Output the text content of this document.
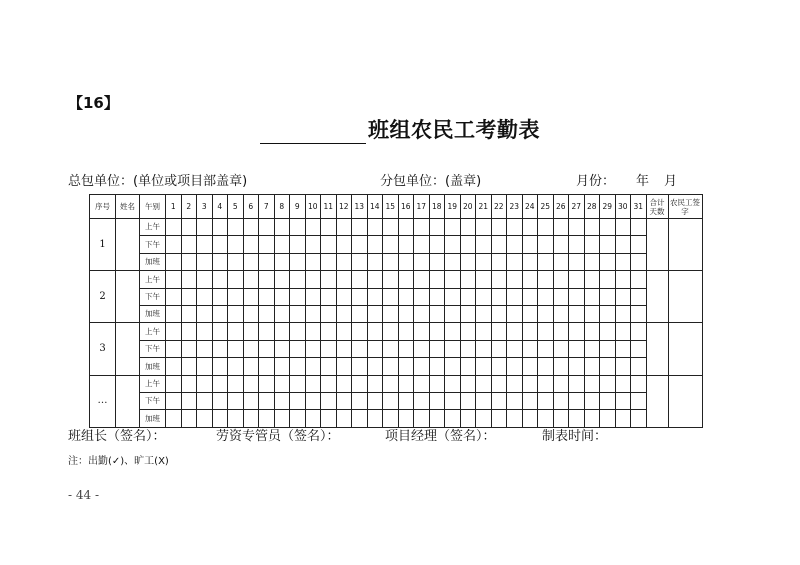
【16】
班组农民工考勤表
总包单位：(单位或项目部盖章)	分包单位：(盖章)	月份： 年 月
序号	姓名	午别	1	2	3	4	5	6	7	8	9	10	11	12	13	14	15	16	17	18	19	20	21	22	23	24	25	26	27	28	29	30	31	合计天数	农民工签字
1		上午																																	
		下午																																	
		加班																																	
2		上午																																	
		下午																																	
		加班																																	
3		上午																																	
		下午																																	
		加班																																	
…		上午																																	
		下午																																	
		加班																																	
班组长（签名）：	劳资专管员（签名）：	项目经理（签名）：	制表时间：
注：出勤(✓)、旷工(X)
- 44 -
